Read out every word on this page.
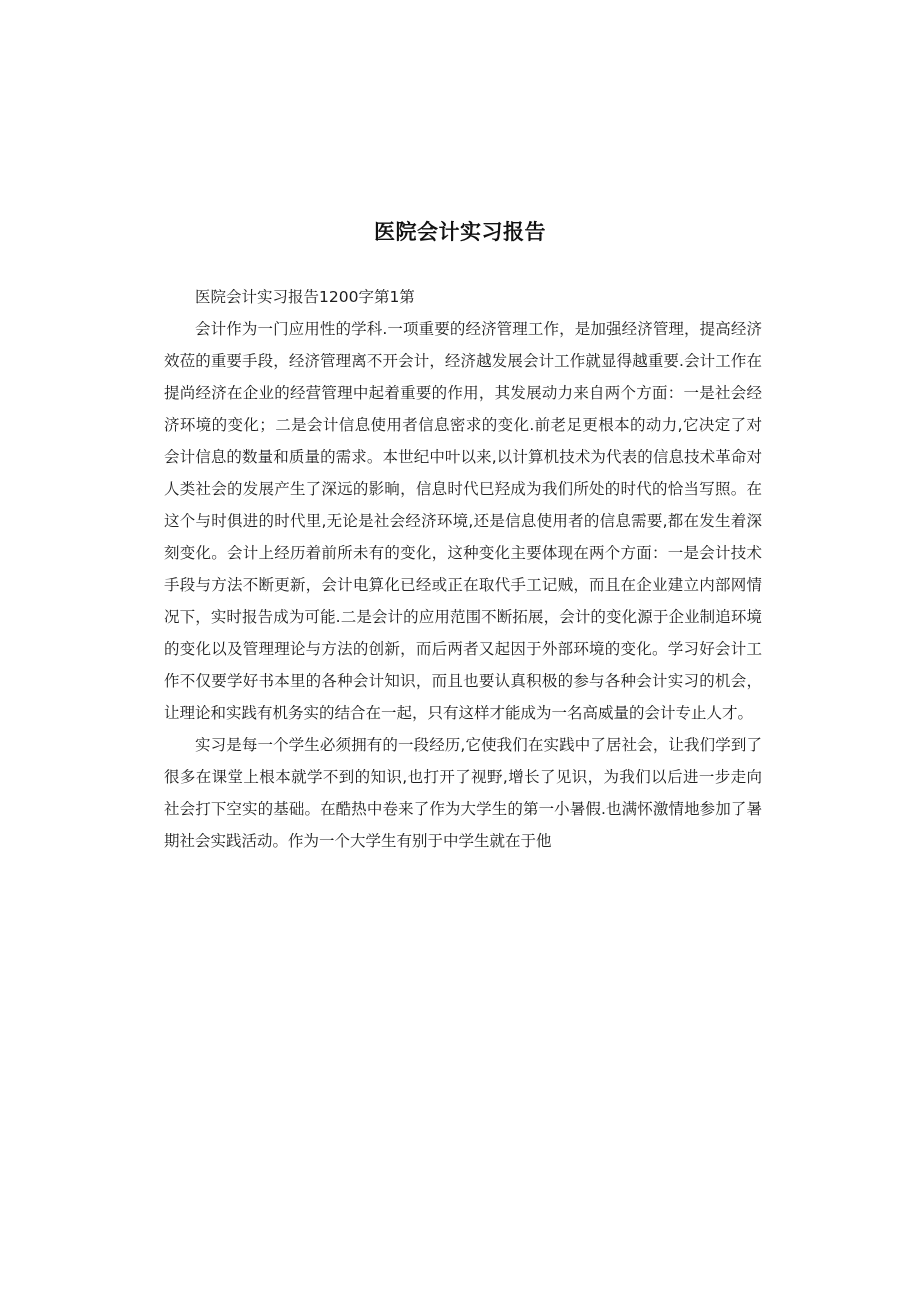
医院会计实习报告

医院会计实习报告1200字第1第

会计作为一门应用性的学科.一项重要的经济管理工作，是加强经济管理，提高经济效莅的重要手段，经济管理离不开会计，经济越发展会计工作就显得越重要.会计工作在提尚经济在企业的经营管理中起着重要的作用，其发展动力来自两个方面：一是社会经济环境的变化；二是会计信息使用者信息密求的变化.前老足更根本的动力,它决定了对会计信息的数量和质量的需求。本世纪中叶以来,以计算机技术为代表的信息技术革命对人类社会的发展产生了深远的影晌，信息时代巳羟成为我们所处的时代的恰当写照。在这个与时俱进的时代里,无论是社会经济环境,还是信息使用者的信息需要,都在发生着深刻变化。会计上经历着前所未有的变化，这种变化主要体现在两个方面：一是会计技术手段与方法不断更新，会计电算化已经或正在取代手工记贼，而且在企业建立内部网情况下，实时报告成为可能.二是会计的应用范围不断拓展，会计的变化源于企业制追环境的变化以及管理理论与方法的创新，而后两者又起因于外部环境的变化。学习好会计工作不仅要学好书本里的各种会计知识，而且也要认真积极的参与各种会计实习的机会，让理论和实践有机务实的结合在一起，只有这样才能成为一名高威量的会计专止人才。

实习是每一个学生必须拥有的一段经历,它使我们在实践中了居社会，让我们学到了很多在课堂上根本就学不到的知识,也打开了视野,增长了见识，为我们以后进一步走向社会打下空实的基础。在酷热中卷来了作为大学生的第一小暑假.也满怀激情地参加了暑期社会实践活动。作为一个大学生有别于中学生就在于他
